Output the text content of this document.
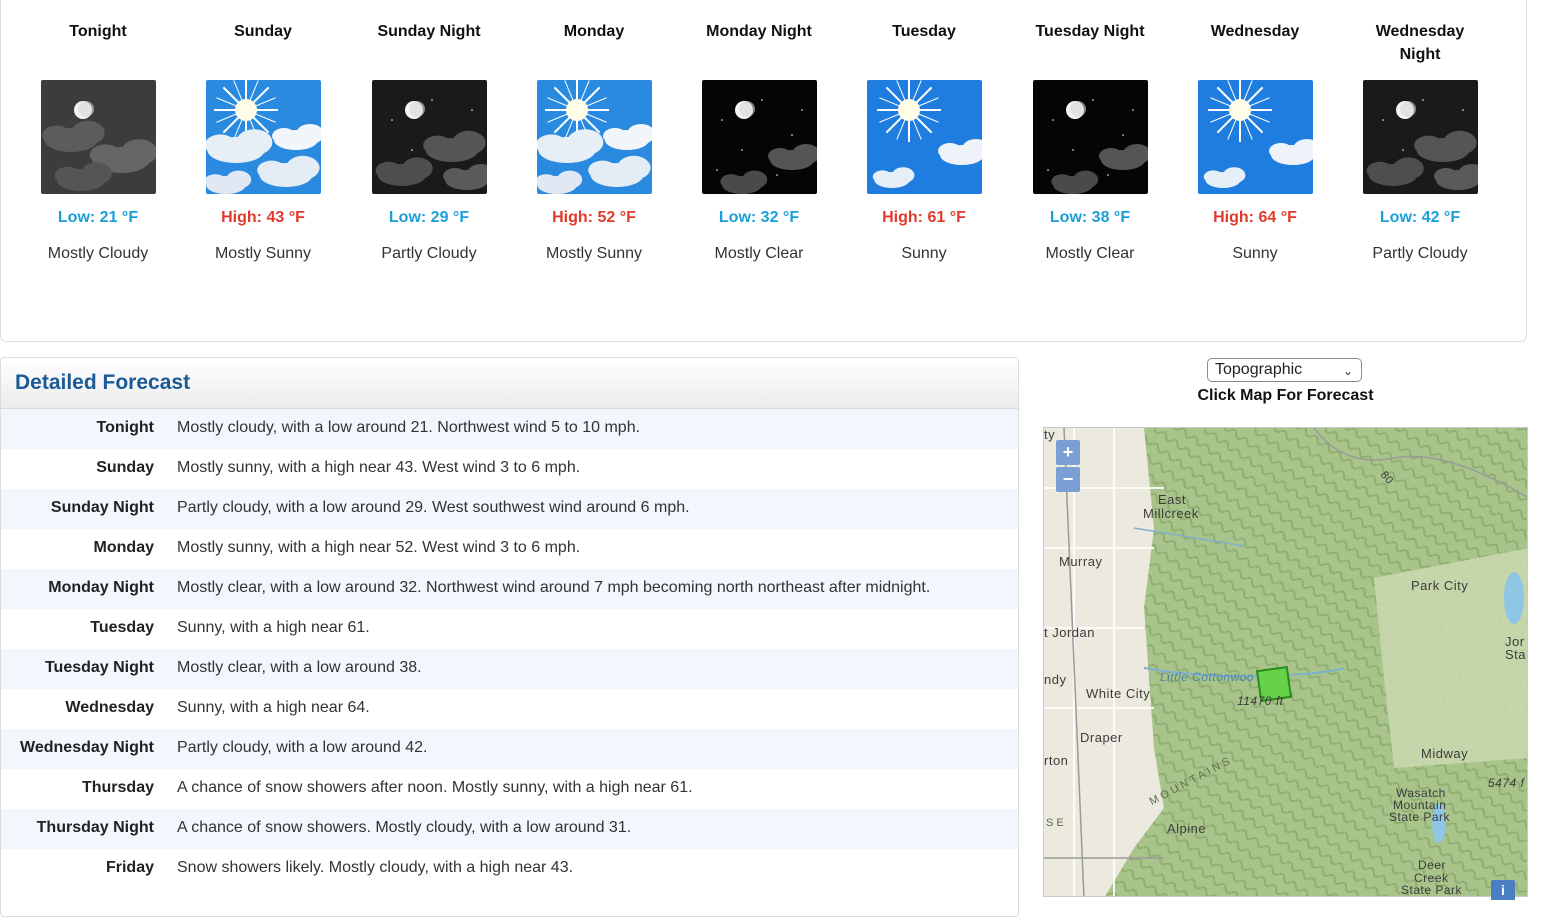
Tonight
Low: 21 °F
Mostly Cloudy
Sunday
High: 43 °F
Mostly Sunny
Sunday Night
Low: 29 °F
Partly Cloudy
Monday
High: 52 °F
Mostly Sunny
Monday Night
Low: 32 °F
Mostly Clear
Tuesday
High: 61 °F
Sunny
Tuesday Night
Low: 38 °F
Mostly Clear
Wednesday
High: 64 °F
Sunny
Wednesday Night
Low: 42 °F
Partly Cloudy
Detailed Forecast
Tonight Mostly cloudy, with a low around 21. Northwest wind 5 to 10 mph.
Sunday Mostly sunny, with a high near 43. West wind 3 to 6 mph.
Sunday Night Partly cloudy, with a low around 29. West southwest wind around 6 mph.
Monday Mostly sunny, with a high near 52. West wind 3 to 6 mph.
Monday Night Mostly clear, with a low around 32. Northwest wind around 7 mph becoming north northeast after midnight.
Tuesday Sunny, with a high near 61.
Tuesday Night Mostly clear, with a low around 38.
Wednesday Sunny, with a high near 64.
Wednesday Night Partly cloudy, with a low around 42.
Thursday A chance of snow showers after noon. Mostly sunny, with a high near 61.
Thursday Night A chance of snow showers. Mostly cloudy, with a low around 31.
Friday Snow showers likely. Mostly cloudy, with a high near 43.
Topographic	⌄
Click Map For Forecast
ty
East
Millcreek
Murray
Park City
t Jordan
Jor
Sta
ndy
White City
Little Cottonwoo
11470 ft
Draper
rton	Midway
MOUNTAINS
SE
5474 f
Wasatch
Mountain
State Park
Alpine
Deer
Creek
State Park
80
+
−
i
